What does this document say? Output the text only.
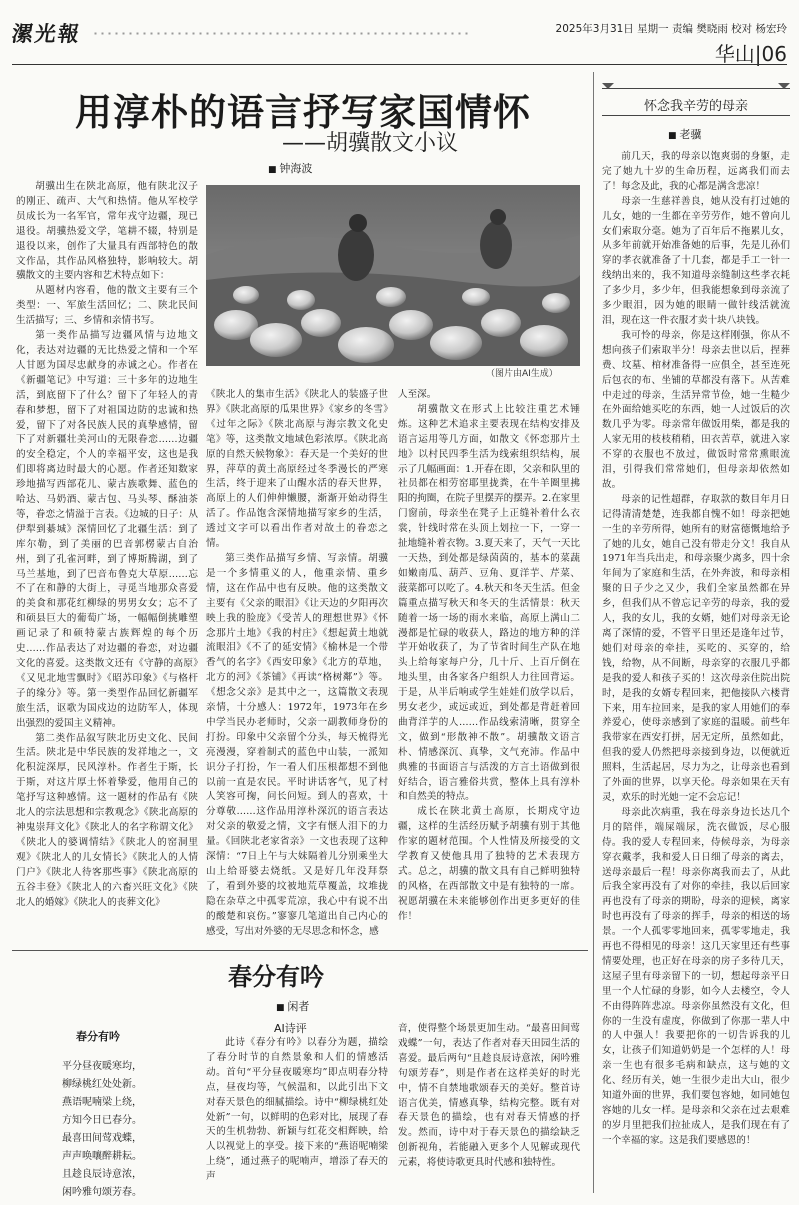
漯光報	2025年3月31日 星期一 责编 樊晓雨 校对 杨宏玲
华山|06
用淳朴的语言抒写家国情怀
——胡骥散文小议
■ 钟海波

胡骥出生在陕北高原，他有陕北汉子的刚正、疏声、大气和热情。他从军校学员成长为一名军官，常年戎守边疆，现已退役。胡骥热爱文学，笔耕不辍，特别是退役以来，创作了大量具有西部特色的散文作品，其作品风格独特，影响较大。胡骥散文的主要内容和艺术特点如下：

从题材内容看，他的散文主要有三个类型：一、军旅生活回忆；二、陕北民间生活描写；三、乡情和亲情书写。

第一类作品描写边疆风情与边地文化，表达对边疆的无比热爱之情和一个军人甘愿为国尽忠献身的赤诚之心。作者在《新疆笔记》中写道：三十多年的边地生活，到底留下了什么？留下了年轻人的青春和梦想，留下了对祖国边防的忠诚和热爱，留下了对各民族人民的真挚感情，留下了对新疆壮美河山的无限眷恋……边疆的安全稳定，个人的幸福平安，这也是我们即将离边时最大的心愿。作者还知数家珍地描写西部花儿、蒙古族歌舞、蓝色的哈达、马奶酒、蒙古包、马头琴、酥油茶等，眷恋之情溢于言表。《边城的日子：从伊犁到綦城》深情回忆了北疆生活：到了库尔勒，到了美丽的巴音郭楞蒙古自治州，到了孔雀河畔，到了博斯腾湖，到了马兰基地，到了巴音布鲁克大草原……忘不了在和静的大街上，寻觅当地那众喜爱的美食和那花红柳绿的男男女女；忘不了和硕县巨大的葡萄广场，一幅幅倒挑雕塑画记录了和硕特蒙古族辉煌的每个历史……作品表达了对边疆的眷恋，对边疆文化的喜爱。这类散文还有《守静的高原》《又见北地雪飘时》《昭苏印象》《与格杆子的缘分》等。第一类型作品回忆新疆军旅生活，讴歌为国戍边的边防军人，体现出强烈的爱国主义精神。

第二类作品叙写陕北历史文化、民间生活。陕北是中华民族的发祥地之一，文化积淀深厚，民风淳朴。作者生于斯，长于斯，对这片厚土怀着挚爱，他用自己的笔抒写这种感情。这一题材的作品有《陕北人的宗法思想和宗教观念》《陕北高原的神鬼崇拜文化》《陕北人的名字称谓文化》《陕北人的婆调情结》《陕北人的窑洞里观》《陕北人的儿女情长》《陕北人的人情门户》《陕北人待客那些事》《陕北高原的五谷丰登》《陕北人的六畜兴旺文化》《陕北人的婚嫁》《陕北人的丧葬文化》

（图片由AI生成）

《陕北人的集市生活》《陕北人的装盛子世界》《陕北高原的瓜果世界》《家乡的冬雪》《过年之际》《陕北高原与海宗教文化史笔》等，这类散文地域色彩浓厚。《陕北高原的自然天候物象》：春天是一个美好的世界，萍草的黄土高原经过冬季漫长的严寒生活，终于迎来了山醒水活的春天世界，高原上的人们伸伸懒腰，渐渐开始动得生活了。作品饱含深情地描写家乡的生活，透过文字可以看出作者对故土的眷恋之情。

第三类作品描写乡情、写亲情。胡骥是一个多情重义的人，他重亲情、重乡情，这在作品中也有反映。他的这类散文主要有《父亲的眼泪》《让天边的夕阳再次映上我的脸庞》《受苦人的理想世界》《怀念那片土地》《我的村庄》《想起黄土地就流眼泪》《不了的延安情》《榆林是一个带香气的名字》《西安印象》《北方的草地，北方的河》《茶铺》《再读“格树鄰”》等。《想念父亲》是其中之一，这篇散文表现亲情，十分感人：1972年，1973年在乡中学当民办老师时，父亲一副教师身份的打扮。印象中父亲留个分头，每天梳得光亮漫漫，穿着制式的蓝色中山装，一派知识分子打扮，乍一看人们压根都想不到他以前一直是农民。平时讲话客气，见了村人笑容可掬，问长问短。到人的喜欢，十分尊敬……这作品用淳朴深沉的语言表达对父亲的敬爱之情，文字有惬人泪下的力量。《回陕北老家省亲》一文也表现了这种深情：“7日上午与大妹隔着儿分别乘坐大山上给哥婆去烧纸。又是好几年没拜祭了，看到外婆的坟被地荒草覆盖，坟堆拢隐在杂草之中孤零荒凉，我心中有说不出的酸楚和哀伤。”寥寥几笔道出自己内心的感受，写出对外婆的无尽思念和怀念，感

人至深。

胡骥散文在形式上比较注重艺术锤炼。这种艺术追求主要表现在结构安排及语言运用等几方面，如散文《怀恋那片土地》以村民四季生活为线索组织结构，展示了几幅画面：1.开春在即，父亲和队里的社员都在相劳窑耶里拢粪，在牛羊圈里拂阳的拘圈，在院子里摆弄的摆弄。2.在家里门窗前，母亲坐在凳子上正缝补着什么衣裳，针线时常在头顶上划拉一下，一穿一扯地缝补着衣物。3.夏天来了，天气一天比一天热，到处都是绿茵茵的，基本的菜蔬如嫩南瓜、葫芦、豆角、夏洋芋、芹菜、菠菜都可以吃了。4.秋天和冬天生活。但金篇重点描写秋天和冬天的生活情景：秋天随着一场一场的雨水来临，高原上满山二漫都是忙碌的收获人，路边的地方种的洋芋开始收获了，为了节省时间生产队在地头上给每家每户分，几十斤、上百斤倒在地头里，由各家各户组织人力往回背运。于是，从半后响或学生娃娃们放学以后，男女老少，或远或近，到处都是背赶着回曲背洋芋的人……作品线索清晰，贯穿全文，做到“形散神不散”。胡骥散文语言朴、情感深沉、真挚，文气充沛。作品中典雅的书面语言与活泼的方言土语做到很好结合，语言雅俗共赏，整体上具有淳朴和自然美的特点。

成长在陕北黄土高原，长期戍守边疆，这样的生活经历赋予胡骥有别于其他作家的题材范围。个人性情及所接受的文学教育又使他具用了独特的艺术表现方式。总之，胡骥的散文具有自己鲜明独特的风格，在西部散文中是有独特的一席。祝愿胡骥在未来能够创作出更多更好的佳作！

怀念我辛劳的母亲
■ 老骥

前几天，我的母亲以饱爽弱的身躯，走完了她九十岁的生命历程，远离我们而去了！每念及此，我的心都是满含悲凉！

母亲一生慈祥善良，她从没有打过她的儿女，她的一生都在辛劳劳作，她不曾向儿女们索取分毫。她为了百年后不拖累儿女，从多年前就开始准备她的后事，先是儿孙们穿的孝衣就准备了十几套，都是手工一针一线纳出来的，我不知道母亲缝制这些孝衣耗了多少月，多少年，但我能想象到母亲流了多少眼泪，因为她的眼睛一做针线活就流泪，现在这一件衣服才卖十块八块钱。

我可怜的母亲，你是这样刚强，你从不想向孩子们索取半分！母亲去世以后，捏葬费、坟墓、棺材准备得一应俱全，甚至连死后包衣的布、坐铺的草都没有落下。从苦难中走过的母亲，生活异常节俭，她一生糙少在外面给她买吃的东西，她一人过饭后的次数几乎为零。母亲常年做饭用柴，都是我的人家无用的枝枝稍稍，田衣苦草，就进入家不穿的衣服也不放过，做饭时常常熏眼流泪，引得我们常常她们，但母亲却依然如故。

母亲的记性超群，存取款的数目年月日记得清清楚楚，连我都自愧不如！母亲把她一生的辛劳所得，她所有的财富德慨地给予了她的儿女，她自己没有带走分文！我自从1971年当兵出走，和母亲聚少离多，四十余年间为了家庭和生活，在外奔波，和母亲相聚的日子少之又少，我们全家虽然都在异乡，但我们从不曾忘记辛劳的母亲，我的爱人，我的女儿，我的女婿，她们对母亲无论离了深情的爱，不管平日里还是逢年过节，她们对母亲的牵挂，买吃的、买穿的，给钱，给物，从不间断，母亲穿的衣服几乎都是我的爱人和孩子买的！这次母亲住院出院时，是我的女婿专程回来，把他接队六楼背下来，用车拉回来，是我的家人用她们的奉养爱心，使母亲感到了家庭的温暖。前些年我带家在西安打拼，居无定所，虽然如此，但我的爱人仍然把母亲接到身边，以便就近照料，生活起居，尽力为之，让母亲也看到了外面的世界，以享天伦。母亲如果在天有灵，欢乐的时光她一定不会忘记！

母亲此次病重，我在母亲身边长达几个月的陪伴，端屎端尿，洗衣做饭，尽心服侍。我的爱人专程回来，侍候母亲，为母亲穿衣戴孝，我和爱人日日细了母亲的离去，送母亲最后一程！母亲你离我而去了，从此后我全家再没有了对你的牵挂，我以后回家再也没有了母亲的期盼，母亲的迎候，离家时也再没有了母亲的挥手，母亲的相送的场景。一个人孤零零地回来，孤零零地走，我再也不得相见的母亲！这几天家里还有些事情要处理，也正好在母亲的房子多待几天，这屋子里有母亲留下的一切，想起母亲平日里一个人忙碌的身影，如今人去楼空，令人不由得阵阵悲凉。母亲你虽然没有文化，但你的一生没有虚度，你做到了你那一辈人中的人中强人！我要把你的一切告诉我的儿女，让孩子们知道奶奶是一个怎样的人！母亲一生也有很多毛病和缺点，这与她的文化、经历有关，她一生很少走出大山，很少知道外面的世界，我们要包容她，如同她包容她的儿女一样。是母亲和父亲在过去艰难的岁月里把我们拉扯成人，是我们现在有了一个幸福的家。这是我们要感恩的！

春分有吟
■ 闲者
春分有吟
平分昼夜暖寒均，
柳绿桃红处处新。
燕语呢喃梁上绕，
方知今日已春分。
最喜田间莺戏蝶，
声声唤嚷醉耕耘。
且趁良辰诗意浓，
闲吟雅句颂芳春。
AI诗评

此诗《春分有吟》以春分为题，描绘了春分时节的自然景象和人们的情感活动。首句“平分昼夜暖寒均”即点明春分特点，昼夜均等，气候温和，以此引出下文对春天景色的细腻描绘。诗中“柳绿桃红处处新”一句，以鲜明的色彩对比，展现了春天的生机勃勃、新颖与红花交相辉映，给人以视觉上的享受。接下来的“燕语呢喃梁上绕”，通过燕子的呢喃声，增添了春天的声

音，使得整个场景更加生动。“最喜田间莺戏蝶”一句，表达了作者对春天田园生活的喜爱。最后两句“且趁良辰诗意浓，闲吟雅句颂芳春”，则是作者在这样美好的时光中，情不自禁地歌颂春天的美好。整首诗语言优美，情感真挚，结构完整。既有对春天景色的描绘，也有对春天情感的抒发。然而，诗中对于春天景色的描绘缺乏创新视角，若能融入更多个人见解或现代元素，将使诗歌更具时代感和独特性。
